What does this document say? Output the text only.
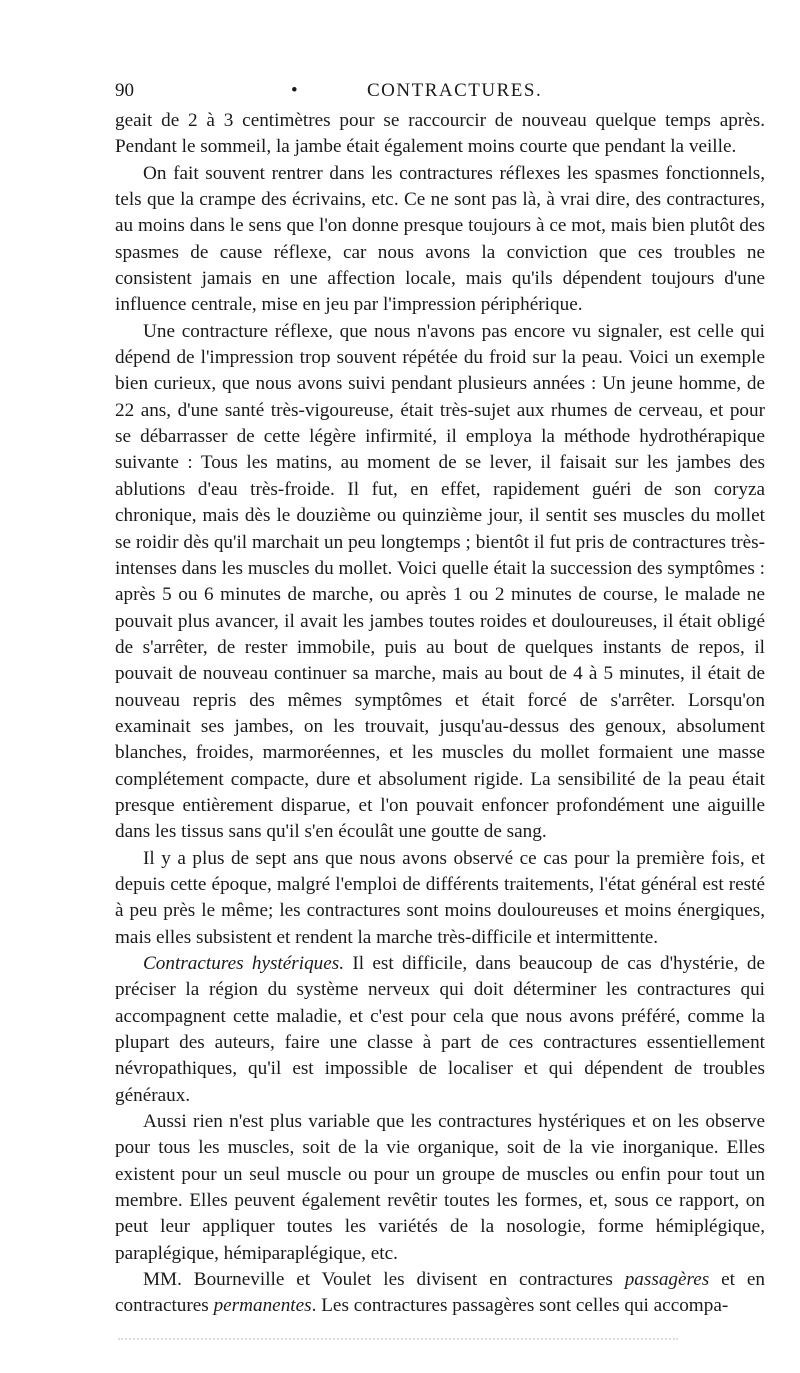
90	•	CONTRACTURES.

geait de 2 à 3 centimètres pour se raccourcir de nouveau quelque temps après. Pendant le sommeil, la jambe était également moins courte que pendant la veille.

On fait souvent rentrer dans les contractures réflexes les spasmes fonctionnels, tels que la crampe des écrivains, etc. Ce ne sont pas là, à vrai dire, des contractures, au moins dans le sens que l'on donne presque toujours à ce mot, mais bien plutôt des spasmes de cause réflexe, car nous avons la conviction que ces troubles ne consistent jamais en une affection locale, mais qu'ils dépendent toujours d'une influence centrale, mise en jeu par l'impression périphérique.

Une contracture réflexe, que nous n'avons pas encore vu signaler, est celle qui dépend de l'impression trop souvent répétée du froid sur la peau. Voici un exemple bien curieux, que nous avons suivi pendant plusieurs années : Un jeune homme, de 22 ans, d'une santé très-vigoureuse, était très-sujet aux rhumes de cerveau, et pour se débarrasser de cette légère infirmité, il employa la méthode hydrothérapique suivante : Tous les matins, au moment de se lever, il faisait sur les jambes des ablutions d'eau très-froide. Il fut, en effet, rapidement guéri de son coryza chronique, mais dès le douzième ou quinzième jour, il sentit ses muscles du mollet se roidir dès qu'il marchait un peu longtemps ; bientôt il fut pris de contractures très-intenses dans les muscles du mollet. Voici quelle était la succession des symptômes : après 5 ou 6 minutes de marche, ou après 1 ou 2 minutes de course, le malade ne pouvait plus avancer, il avait les jambes toutes roides et douloureuses, il était obligé de s'arrêter, de rester immobile, puis au bout de quelques instants de repos, il pouvait de nouveau continuer sa marche, mais au bout de 4 à 5 minutes, il était de nouveau repris des mêmes symptômes et était forcé de s'arrêter. Lorsqu'on examinait ses jambes, on les trouvait, jusqu'au-dessus des genoux, absolument blanches, froides, marmoréennes, et les muscles du mollet formaient une masse complétement compacte, dure et absolument rigide. La sensibilité de la peau était presque entièrement disparue, et l'on pouvait enfoncer profondément une aiguille dans les tissus sans qu'il s'en écoulât une goutte de sang.

Il y a plus de sept ans que nous avons observé ce cas pour la première fois, et depuis cette époque, malgré l'emploi de différents traitements, l'état général est resté à peu près le même; les contractures sont moins douloureuses et moins énergiques, mais elles subsistent et rendent la marche très-difficile et intermittente.

Contractures hystériques. Il est difficile, dans beaucoup de cas d'hystérie, de préciser la région du système nerveux qui doit déterminer les contractures qui accompagnent cette maladie, et c'est pour cela que nous avons préféré, comme la plupart des auteurs, faire une classe à part de ces contractures essentiellement névropathiques, qu'il est impossible de localiser et qui dépendent de troubles généraux.

Aussi rien n'est plus variable que les contractures hystériques et on les observe pour tous les muscles, soit de la vie organique, soit de la vie inorganique. Elles existent pour un seul muscle ou pour un groupe de muscles ou enfin pour tout un membre. Elles peuvent également revêtir toutes les formes, et, sous ce rapport, on peut leur appliquer toutes les variétés de la nosologie, forme hémiplégique, paraplégique, hémiparaplégique, etc.

MM. Bourneville et Voulet les divisent en contractures passagères et en contractures permanentes. Les contractures passagères sont celles qui accompa-
